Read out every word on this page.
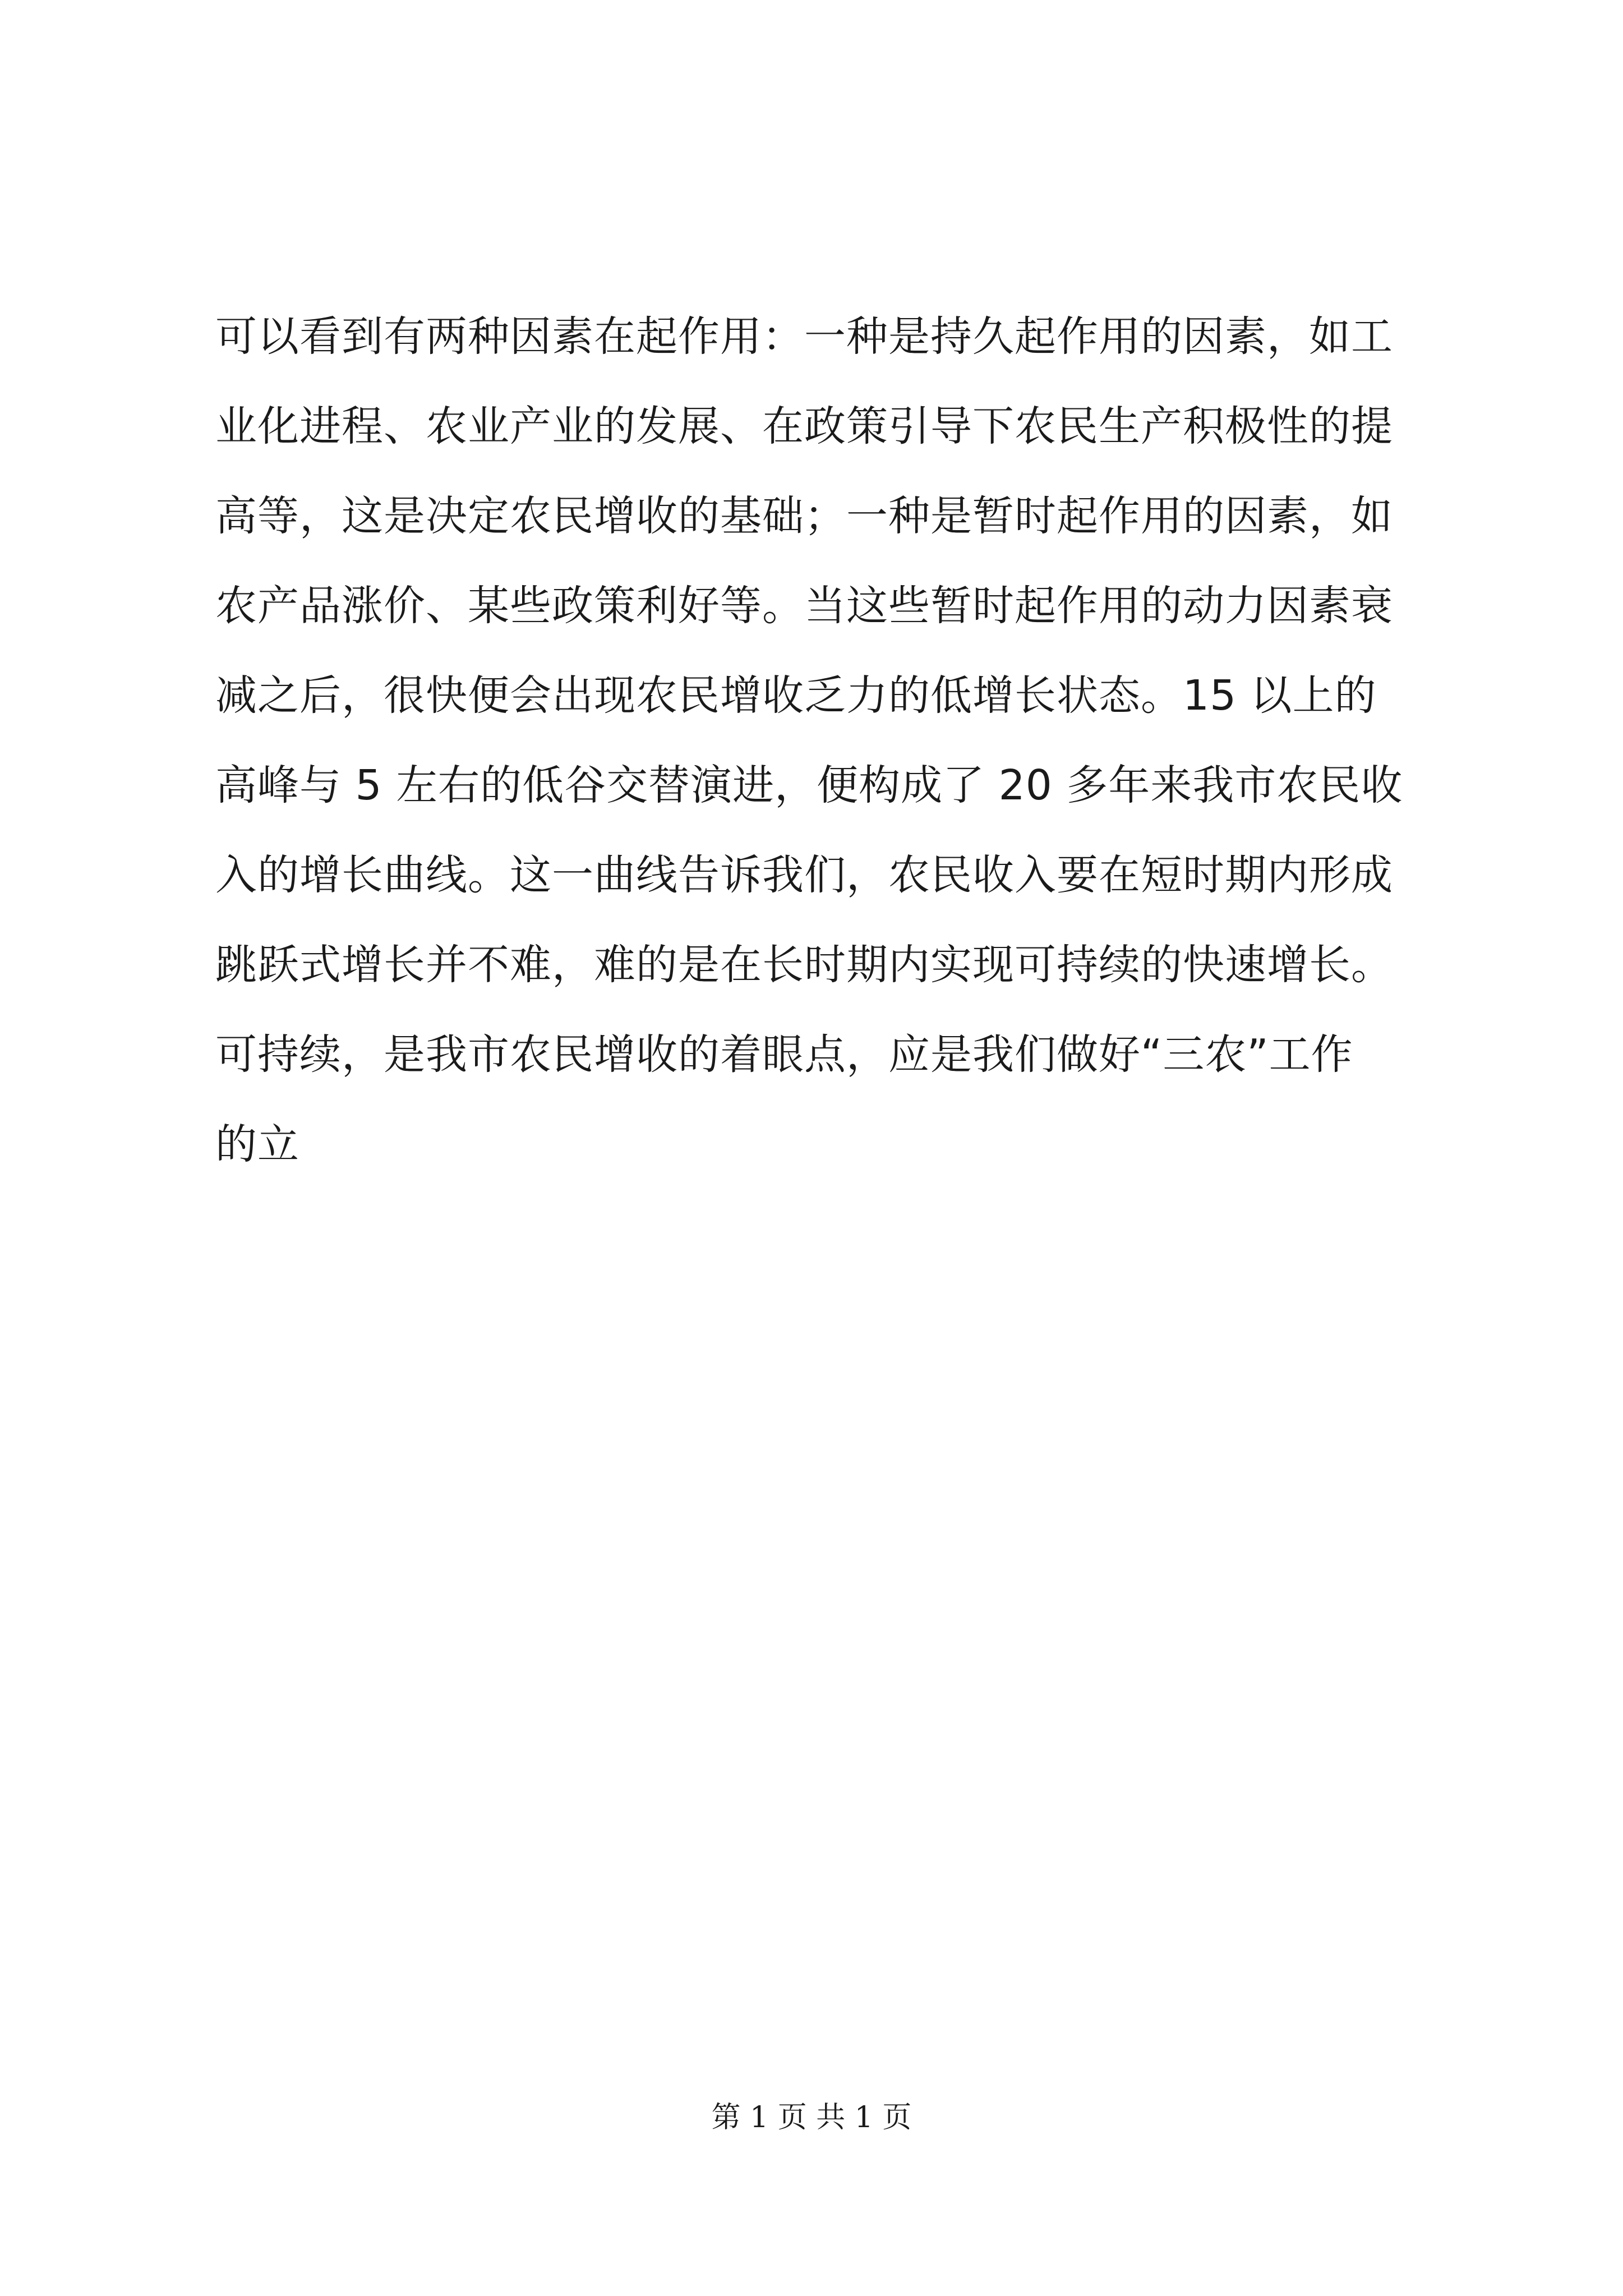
可以看到有两种因素在起作用：一种是持久起作用的因素，如工
业化进程、农业产业的发展、在政策引导下农民生产积极性的提
高等，这是决定农民增收的基础；一种是暂时起作用的因素，如
农产品涨价、某些政策利好等。当这些暂时起作用的动力因素衰
减之后，很快便会出现农民增收乏力的低增长状态。15 以上的
高峰与 5 左右的低谷交替演进，便构成了 20 多年来我市农民收
入的增长曲线。这一曲线告诉我们，农民收入要在短时期内形成
跳跃式增长并不难，难的是在长时期内实现可持续的快速增长。
可持续，是我市农民增收的着眼点，应是我们做好“三农”工作
的立
第 1 页 共 1 页
